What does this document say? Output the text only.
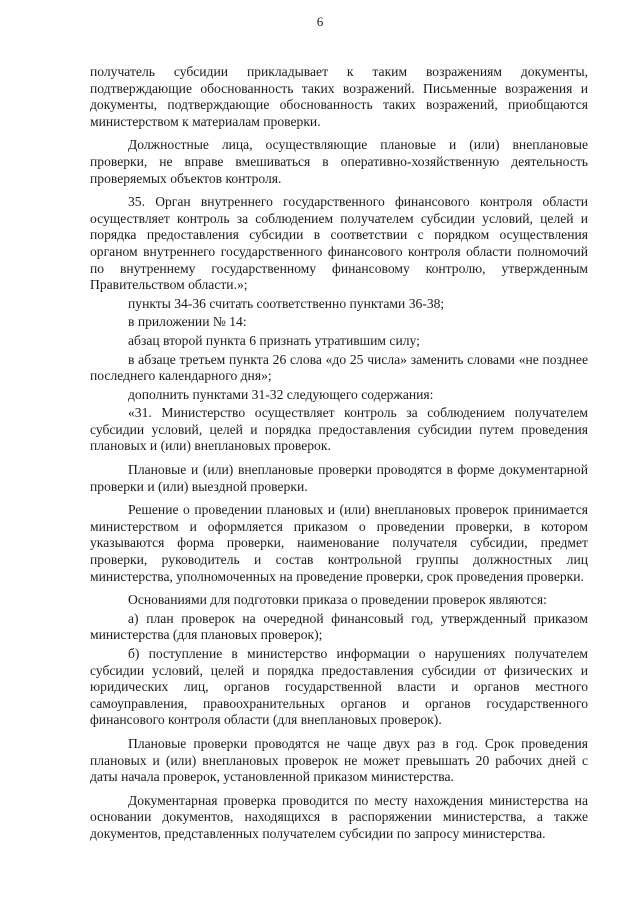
6

получатель субсидии прикладывает к таким возражениям документы, подтверждающие обоснованность таких возражений. Письменные возражения и документы, подтверждающие обоснованность таких возражений, приобщаются министерством к материалам проверки.

Должностные лица, осуществляющие плановые и (или) внеплановые проверки, не вправе вмешиваться в оперативно-хозяйственную деятельность проверяемых объектов контроля.

35. Орган внутреннего государственного финансового контроля области осуществляет контроль за соблюдением получателем субсидии условий, целей и порядка предоставления субсидии в соответствии с порядком осуществления органом внутреннего государственного финансового контроля области полномочий по внутреннему государственному финансовому контролю, утвержденным Правительством области.»;

пункты 34-36 считать соответственно пунктами 36-38;

в приложении № 14:

абзац второй пункта 6 признать утратившим силу;

в абзаце третьем пункта 26 слова «до 25 числа» заменить словами «не позднее последнего календарного дня»;

дополнить пунктами 31-32 следующего содержания:

«31. Министерство осуществляет контроль за соблюдением получателем субсидии условий, целей и порядка предоставления субсидии путем проведения плановых и (или) внеплановых проверок.

Плановые и (или) внеплановые проверки проводятся в форме документарной проверки и (или) выездной проверки.

Решение о проведении плановых и (или) внеплановых проверок принимается министерством и оформляется приказом о проведении проверки, в котором указываются форма проверки, наименование получателя субсидии, предмет проверки, руководитель и состав контрольной группы должностных лиц министерства, уполномоченных на проведение проверки, срок проведения проверки.

Основаниями для подготовки приказа о проведении проверок являются:

а) план проверок на очередной финансовый год, утвержденный приказом министерства (для плановых проверок);

б) поступление в министерство информации о нарушениях получателем субсидии условий, целей и порядка предоставления субсидии от физических и юридических лиц, органов государственной власти и органов местного самоуправления, правоохранительных органов и органов государственного финансового контроля области (для внеплановых проверок).

Плановые проверки проводятся не чаще двух раз в год. Срок проведения плановых и (или) внеплановых проверок не может превышать 20 рабочих дней с даты начала проверок, установленной приказом министерства.

Документарная проверка проводится по месту нахождения министерства на основании документов, находящихся в распоряжении министерства, а также документов, представленных получателем субсидии по запросу министерства.
